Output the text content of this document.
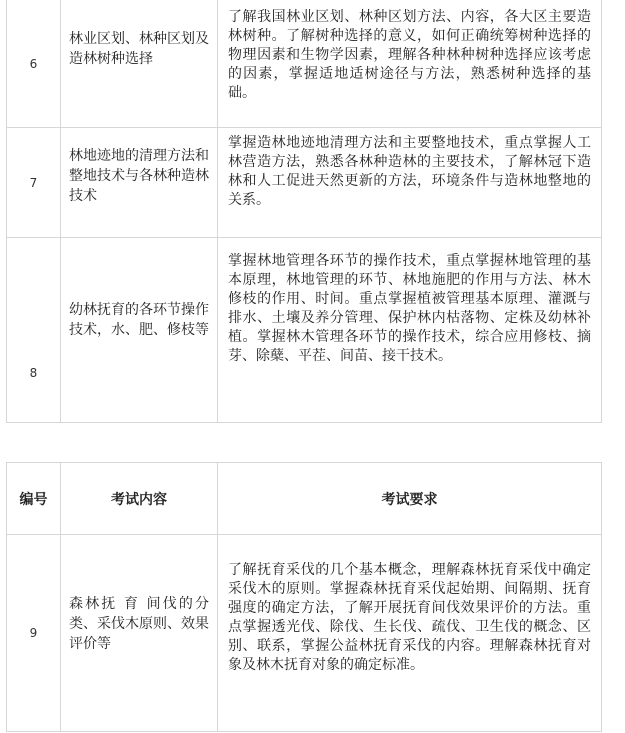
6	林业区划、林种区划及造林树种选择	了解我国林业区划、林种区划方法、内容，各大区主要造林树种。了解树种选择的意义，如何正确统筹树种选择的物理因素和生物学因素，理解各种林种树种选择应该考虑的因素，掌握适地适树途径与方法，熟悉树种选择的基础。

7	林地迹地的清理方法和整地技术与各林种造林技术	掌握造林地迹地清理方法和主要整地技术，重点掌握人工林营造方法，熟悉各林种造林的主要技术，了解林冠下造林和人工促进天然更新的方法，环境条件与造林地整地的关系。

8	幼林抚育的各环节操作技术，水、肥、修枝等	掌握林地管理各环节的操作技术，重点掌握林地管理的基本原理，林地管理的环节、林地施肥的作用与方法、林木修枝的作用、时间。重点掌握植被管理基本原理、灌溉与排水、土壤及养分管理、保护林内枯落物、定株及幼林补植。掌握林木管理各环节的操作技术，综合应用修枝、摘芽、除蘖、平茬、间苗、接干技术。
编号	考试内容	考试要求
9	森林抚 育 间伐的分类、采伐木原则、效果评价等	了解抚育采伐的几个基本概念，理解森林抚育采伐中确定采伐木的原则。掌握森林抚育采伐起始期、间隔期、抚育强度的确定方法，了解开展抚育间伐效果评价的方法。重点掌握透光伐、除伐、生长伐、疏伐、卫生伐的概念、区别、联系，掌握公益林抚育采伐的内容。理解森林抚育对象及林木抚育对象的确定标准。
